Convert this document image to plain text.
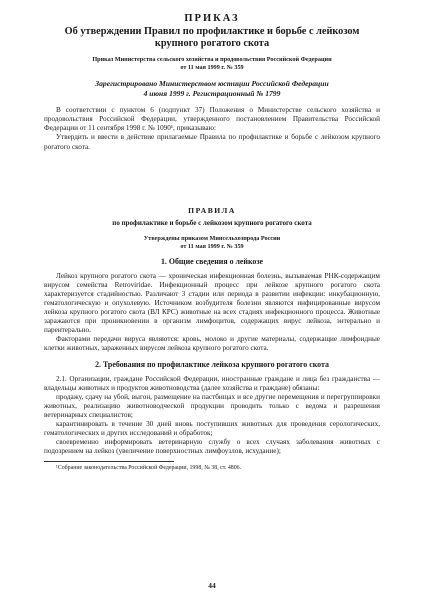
ПРИКАЗ
Об утверждении Правил по профилактике и борьбе с лейкозом крупного рогатого скота
Приказ Министерства сельского хозяйства и продовольствия Российской Федерации
от 11 мая 1999 г. № 359
Зарегистрировано Министерством юстиции Российской Федерации
4 июня 1999 г. Регистрационный № 1799

В соответствии с пунктом 6 (подпункт 37) Положения о Министерстве сельского хозяйства и продовольствия Российской Федерации, утвержденного постановлением Правительства Российской Федерации от 11 сентября 1998 г. № 1090¹, приказываю:

Утвердить и ввести в действие прилагаемые Правила по профилактике и борьбе с лейкозом крупного рогатого скота.

ПРАВИЛА
по профилактике и борьбе с лейкозом крупного рогатого скота
Утверждены приказом Минсельхозпрода России
от 11 мая 1999 г. № 359
1. Общие сведения о лейкозе

Лейкоз крупного рогатого скота — хроническая инфекционная болезнь, вызываемая РНК-содержащим вирусом семейства Retroviridae. Инфекционный процесс при лейкозе крупного рогатого скота характеризуется стадийностью. Различают 3 стадии или периода в развитии инфекции: инкубационную, гематологическую и опухолевую. Источником возбудителя болезни являются инфицированные вирусом лейкоза крупного рогатого скота (ВЛ КРС) животные на всех стадиях инфекционного процесса. Животные заражаются при проникновении в организм лимфоцитов, содержащих вирус лейкоза, энтерально и парентерально.

Факторами передачи вируса являются: кровь, молоко и другие материалы, содержащие лимфоидные клетки животных, зараженных вирусом лейкоза крупного рогатого скота.

2. Требования по профилактике лейкоза крупного рогатого скота

2.1. Организации, граждане Российской Федерации, иностранные граждане и лица без гражданства — владельцы животных и продуктов животноводства (далее хозяйства и граждане) обязаны:

продажу, сдачу на убой, выгон, размещение на пастбищах и все другие перемещения и перегруппировки животных, реализацию животноводческой продукции проводить только с ведома и разрешения ветеринарных специалистов;

карантинировать в течение 30 дней вновь поступивших животных для проведения серологических, гематологических и других исследований и обработок;

своевременно информировать ветеринарную службу о всех случаях заболевания животных с подозрением на лейкоз (увеличение поверхностных лимфоузлов, исхудание);

¹Собрание законодательства Российской Федерации, 1998, № 38, ст. 4806.
44
